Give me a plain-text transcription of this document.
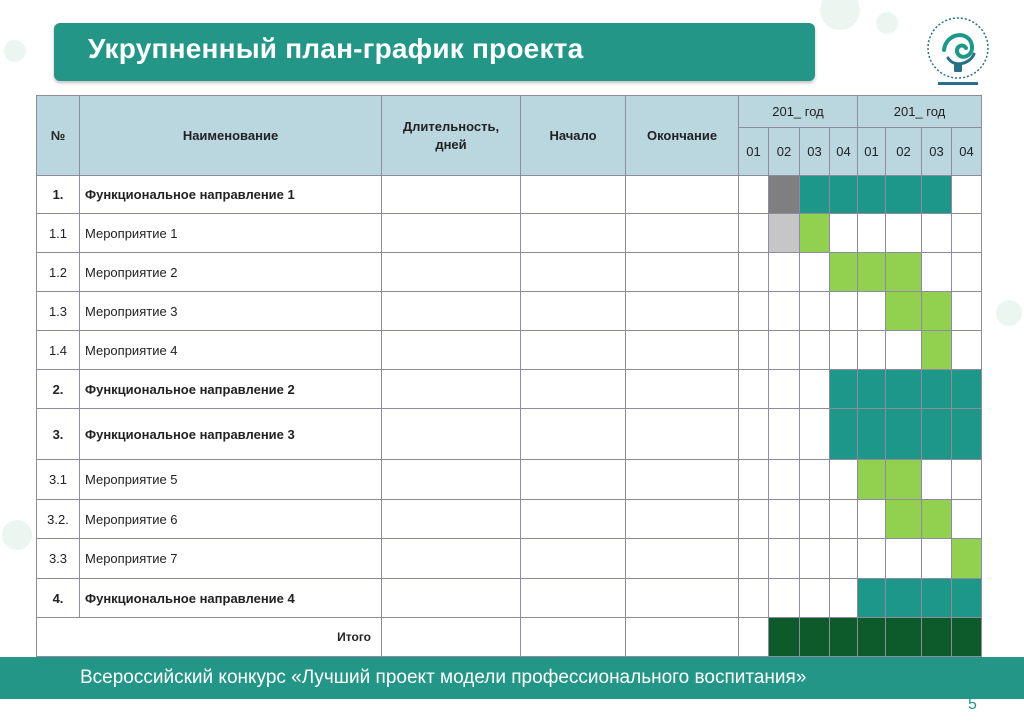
Укрупненный план-график проекта
№	Наименование	Длительность, дней	Начало	Окончание	201_ год				201_ год			
					01	02	03	04	01	02	03	04
1.	Функциональное направление 1											
1.1	Мероприятие 1											
1.2	Мероприятие 2											
1.3	Мероприятие 3											
1.4	Мероприятие 4											
2.	Функциональное направление 2											
3.	Функциональное направление 3											
3.1	Мероприятие 5											
3.2.	Мероприятие 6											
3.3	Мероприятие 7											
4.	Функциональное направление 4											
Итого												
Всероссийский конкурс «Лучший проект модели профессионального воспитания»
5
